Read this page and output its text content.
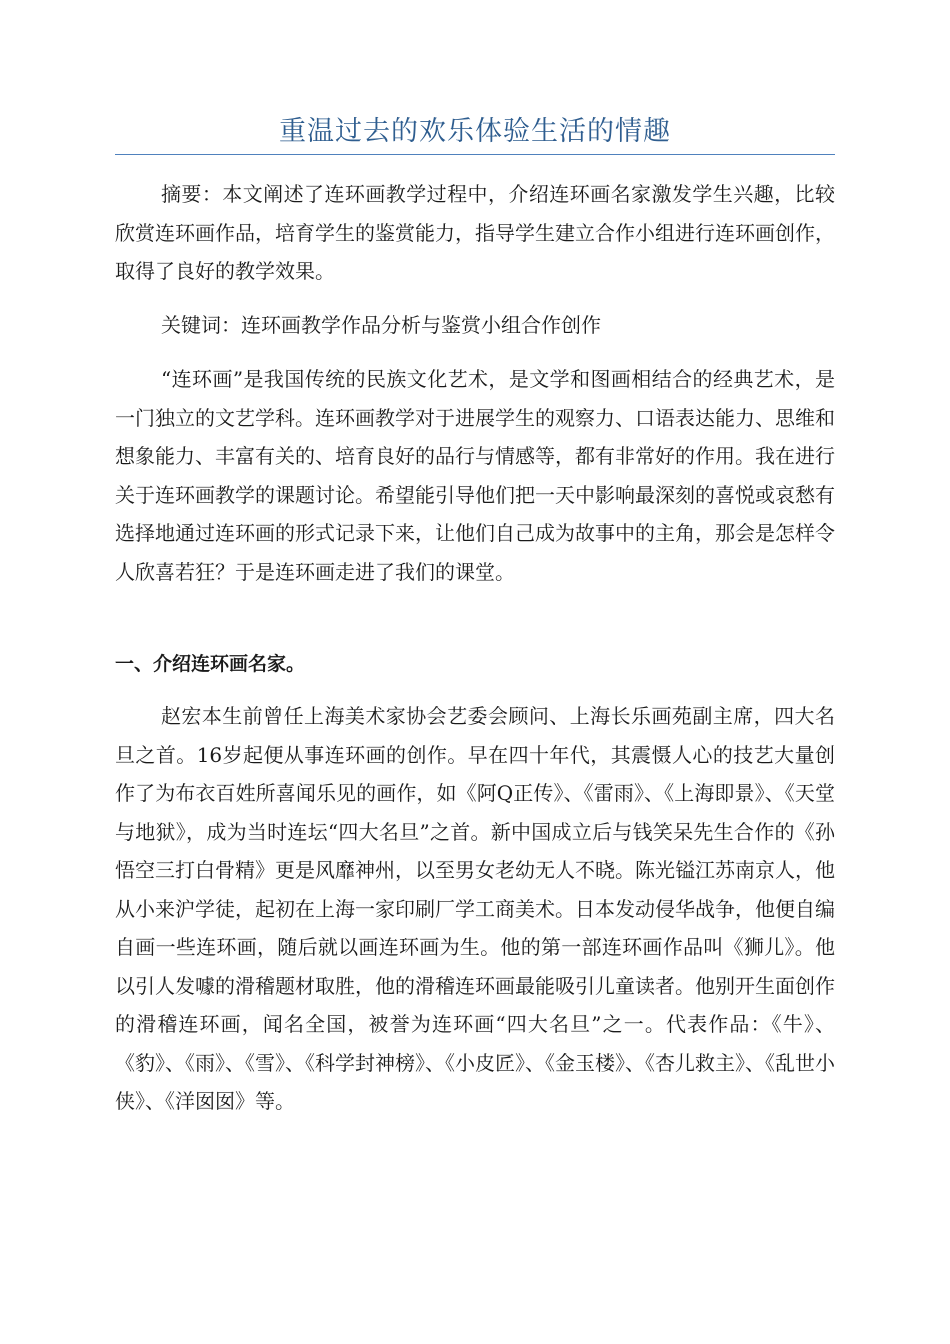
重温过去的欢乐体验生活的情趣

摘要：本文阐述了连环画教学过程中，介绍连环画名家激发学生兴趣，比较欣赏连环画作品，培育学生的鉴赏能力，指导学生建立合作小组进行连环画创作，取得了良好的教学效果。

关键词：连环画教学作品分析与鉴赏小组合作创作

“连环画”是我国传统的民族文化艺术，是文学和图画相结合的经典艺术，是一门独立的文艺学科。连环画教学对于进展学生的观察力、口语表达能力、思维和想象能力、丰富有关的、培育良好的品行与情感等，都有非常好的作用。我在进行关于连环画教学的课题讨论。希望能引导他们把一天中影响最深刻的喜悦或哀愁有选择地通过连环画的形式记录下来，让他们自己成为故事中的主角，那会是怎样令人欣喜若狂？于是连环画走进了我们的课堂。

一、介绍连环画名家。

赵宏本生前曾任上海美术家协会艺委会顾问、上海长乐画苑副主席，四大名旦之首。16岁起便从事连环画的创作。早在四十年代，其震慑人心的技艺大量创作了为布衣百姓所喜闻乐见的画作，如《阿Q正传》、《雷雨》、《上海即景》、《天堂与地狱》，成为当时连坛“四大名旦”之首。新中国成立后与钱笑呆先生合作的《孙悟空三打白骨精》更是风靡神州，以至男女老幼无人不晓。陈光镒江苏南京人，他从小来沪学徒，起初在上海一家印刷厂学工商美术。日本发动侵华战争，他便自编自画一些连环画，随后就以画连环画为生。他的第一部连环画作品叫《狮儿》。他以引人发噱的滑稽题材取胜，他的滑稽连环画最能吸引儿童读者。他别开生面创作的滑稽连环画，闻名全国，被誉为连环画“四大名旦”之一。代表作品：《牛》、《豹》、《雨》、《雪》、《科学封神榜》、《小皮匠》、《金玉楼》、《杏儿救主》、《乱世小侠》、《洋囡囡》等。
